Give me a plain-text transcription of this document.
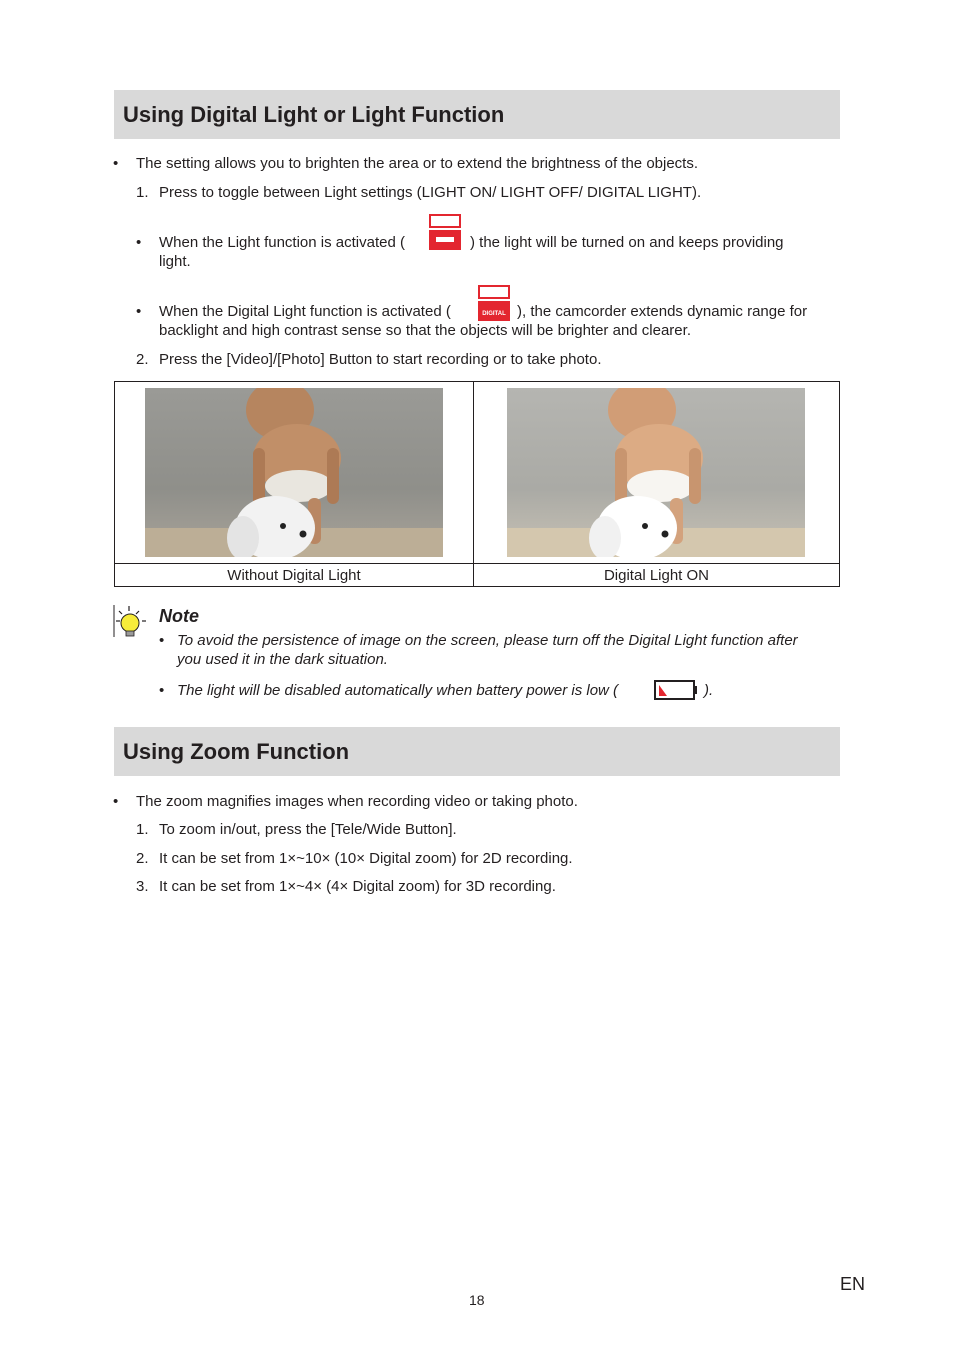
Using Digital Light or Light Function
• The setting allows you to brighten the area or to extend the brightness of the objects.
1. Press to toggle between Light settings (LIGHT ON/ LIGHT OFF/ DIGITAL LIGHT).
• When the Light function is activated (	) the light will be turned on and keeps providing
light.
• When the Digital Light function is activated (	DIGITAL ), the camcorder extends dynamic range for
backlight and high contrast sense so that the objects will be brighter and clearer.
2. Press the [Video]/[Photo] Button to start recording or to take photo.
Without Digital Light	Digital Light ON
Note
• To avoid the persistence of image on the screen, please turn off the Digital Light function after
you used it in the dark situation.
• The light will be disabled automatically when battery power is low (	).
Using Zoom Function
• The zoom magnifies images when recording video or taking photo.
1. To zoom in/out, press the [Tele/Wide Button].
2. It can be set from 1×~10× (10× Digital zoom) for 2D recording.
3. It can be set from 1×~4× (4× Digital zoom) for 3D recording.
EN
18
